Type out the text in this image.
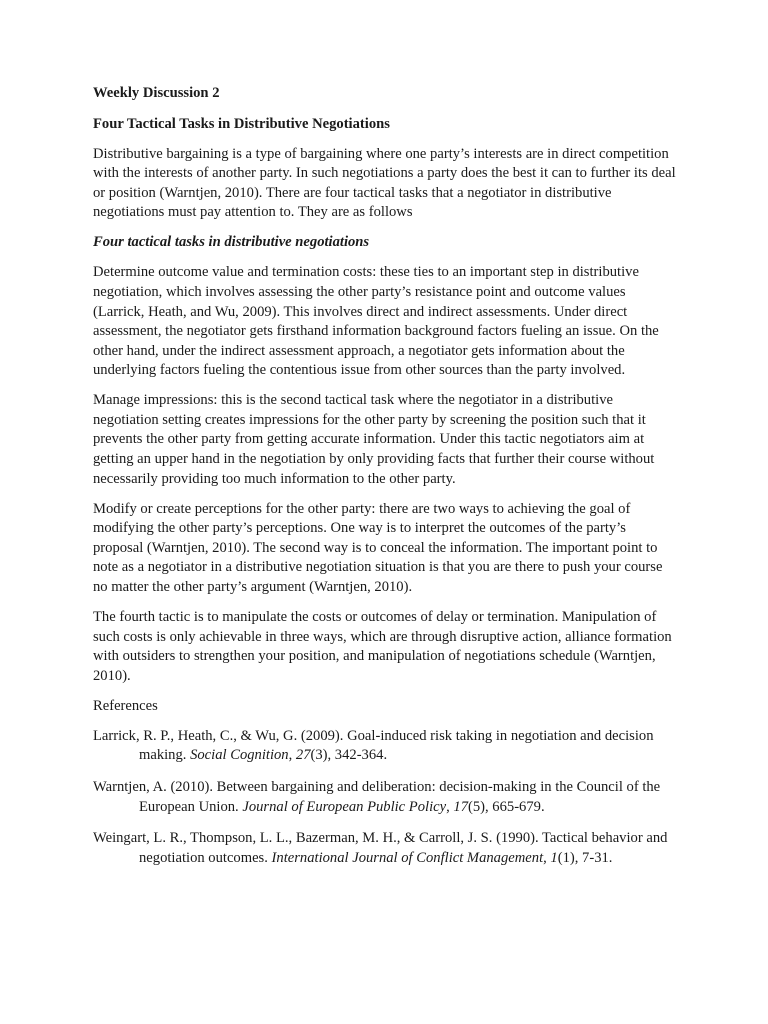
Weekly Discussion 2

Four Tactical Tasks in Distributive Negotiations

Distributive bargaining is a type of bargaining where one party’s interests are in direct competition with the interests of another party. In such negotiations a party does the best it can to further its deal or position (Warntjen, 2010). There are four tactical tasks that a negotiator in distributive negotiations must pay attention to. They are as follows

Four tactical tasks in distributive negotiations

Determine outcome value and termination costs: these ties to an important step in distributive negotiation, which involves assessing the other party’s resistance point and outcome values (Larrick, Heath, and Wu, 2009). This involves direct and indirect assessments. Under direct assessment, the negotiator gets firsthand information background factors fueling an issue. On the other hand, under the indirect assessment approach, a negotiator gets information about the underlying factors fueling the contentious issue from other sources than the party involved.

Manage impressions: this is the second tactical task where the negotiator in a distributive negotiation setting creates impressions for the other party by screening the position such that it prevents the other party from getting accurate information. Under this tactic negotiators aim at getting an upper hand in the negotiation by only providing facts that further their course without necessarily providing too much information to the other party.

Modify or create perceptions for the other party: there are two ways to achieving the goal of modifying the other party’s perceptions. One way is to interpret the outcomes of the party’s proposal (Warntjen, 2010). The second way is to conceal the information. The important point to note as a negotiator in a distributive negotiation situation is that you are there to push your course no matter the other party’s argument (Warntjen, 2010).

The fourth tactic is to manipulate the costs or outcomes of delay or termination. Manipulation of such costs is only achievable in three ways, which are through disruptive action, alliance formation with outsiders to strengthen your position, and manipulation of negotiations schedule (Warntjen, 2010).

References

Larrick, R. P., Heath, C., & Wu, G. (2009). Goal-induced risk taking in negotiation and decision making. Social Cognition, 27(3), 342-364.

Warntjen, A. (2010). Between bargaining and deliberation: decision-making in the Council of the European Union. Journal of European Public Policy, 17(5), 665-679.

Weingart, L. R., Thompson, L. L., Bazerman, M. H., & Carroll, J. S. (1990). Tactical behavior and negotiation outcomes. International Journal of Conflict Management, 1(1), 7-31.
